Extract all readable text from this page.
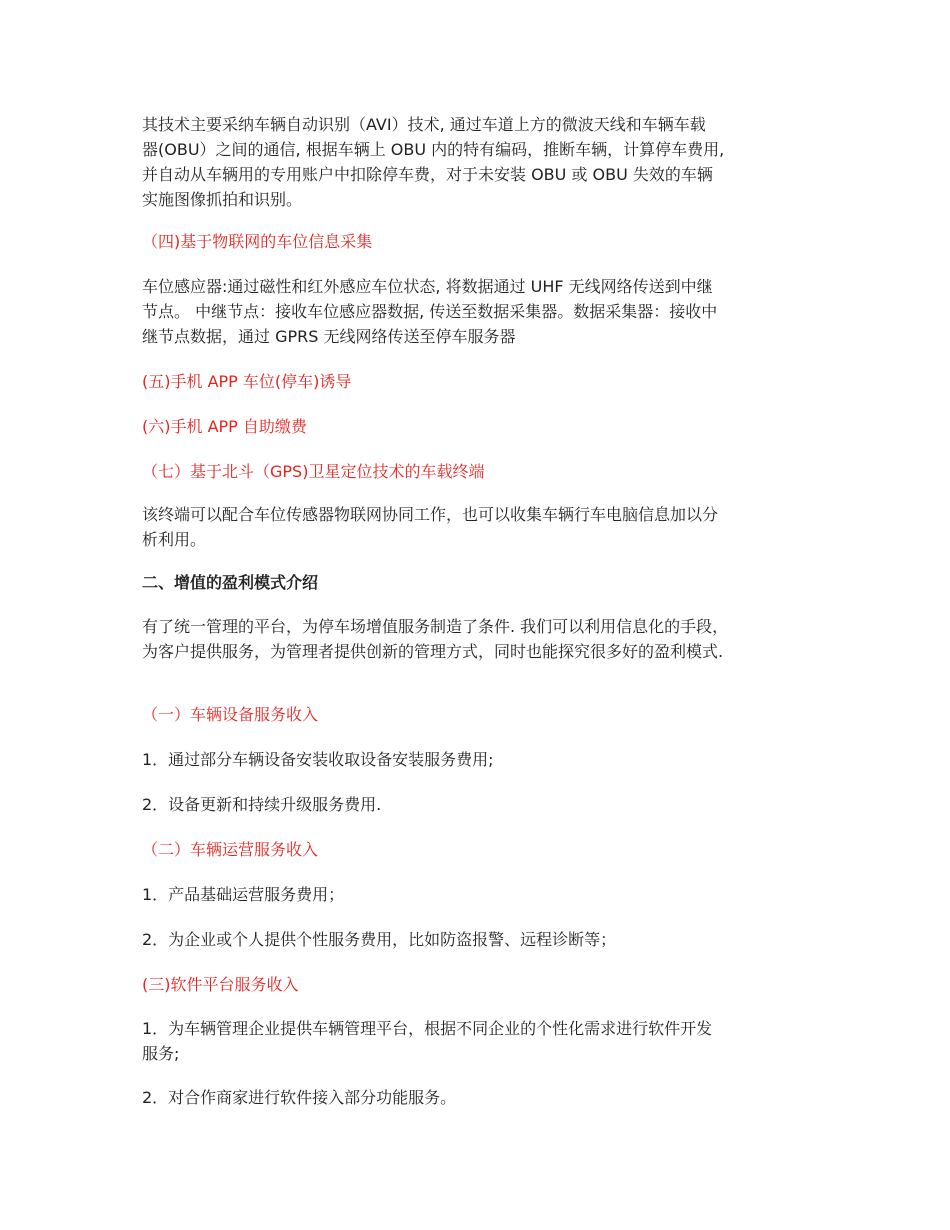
其技术主要采纳车辆自动识别（AVI）技术, 通过车道上方的微波天线和车辆车载
器(OBU）之间的通信, 根据车辆上 OBU 内的特有编码，推断车辆，计算停车费用,
并自动从车辆用的专用账户中扣除停车费，对于未安装 OBU 或 OBU 失效的车辆
实施图像抓拍和识别。

（四)基于物联网的车位信息采集

车位感应器:通过磁性和红外感应车位状态, 将数据通过 UHF 无线网络传送到中继
节点。 中继节点：接收车位感应器数据, 传送至数据采集器。数据采集器：接收中
继节点数据，通过 GPRS 无线网络传送至停车服务器

(五)手机 APP 车位(停车)诱导

(六)手机 APP 自助缴费

（七）基于北斗（GPS)卫星定位技术的车载终端

该终端可以配合车位传感器物联网协同工作，也可以收集车辆行车电脑信息加以分
析利用。

二、增值的盈利模式介绍

有了统一管理的平台，为停车场增值服务制造了条件. 我们可以利用信息化的手段，
为客户提供服务，为管理者提供创新的管理方式，同时也能探究很多好的盈利模式.

（一）车辆设备服务收入

1．通过部分车辆设备安装收取设备安装服务费用;

2．设备更新和持续升级服务费用.

（二）车辆运营服务收入

1．产品基础运营服务费用；

2．为企业或个人提供个性服务费用，比如防盗报警、远程诊断等；

(三)软件平台服务收入

1．为车辆管理企业提供车辆管理平台，根据不同企业的个性化需求进行软件开发
服务;

2．对合作商家进行软件接入部分功能服务。
